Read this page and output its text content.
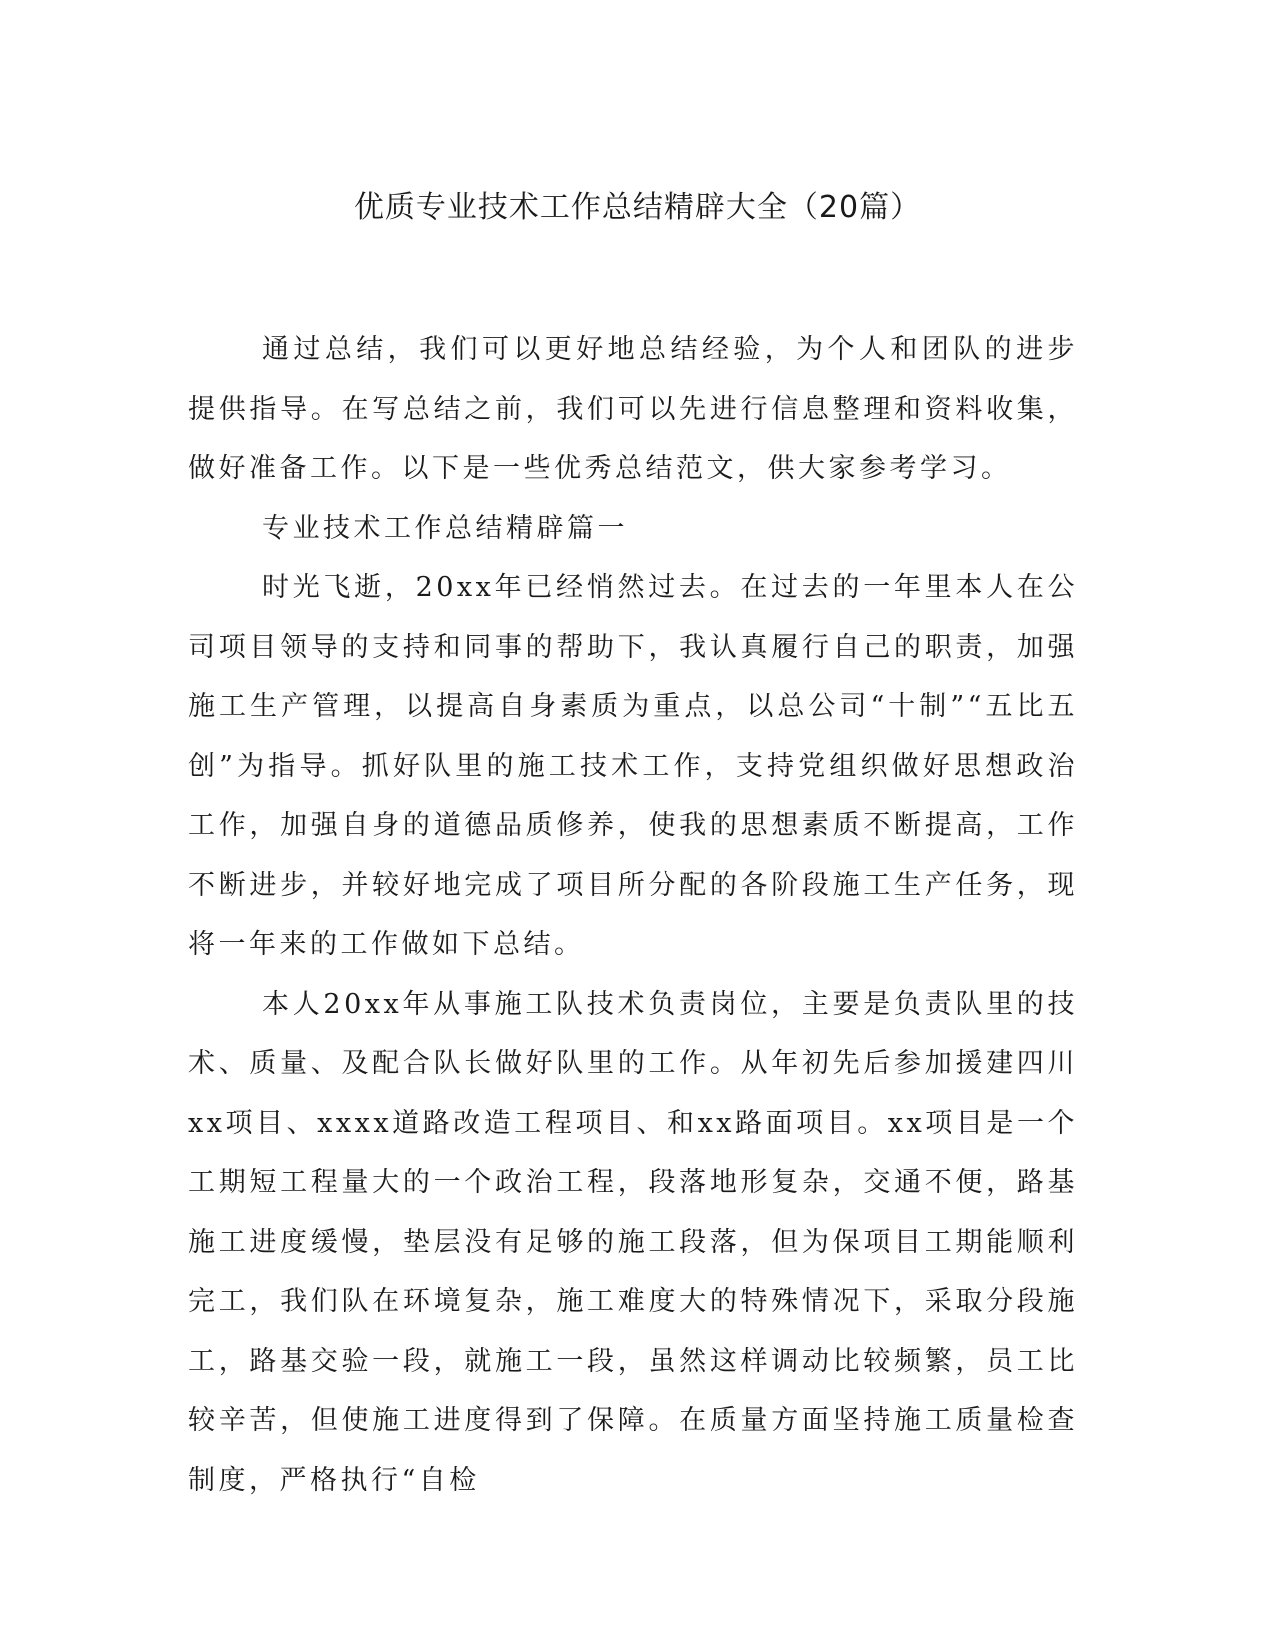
优质专业技术工作总结精辟大全（20篇）

通过总结，我们可以更好地总结经验，为个人和团队的进步提供指导。在写总结之前，我们可以先进行信息整理和资料收集，做好准备工作。以下是一些优秀总结范文，供大家参考学习。

专业技术工作总结精辟篇一

时光飞逝，20xx年已经悄然过去。在过去的一年里本人在公司项目领导的支持和同事的帮助下，我认真履行自己的职责，加强施工生产管理，以提高自身素质为重点，以总公司“十制”“五比五创”为指导。抓好队里的施工技术工作，支持党组织做好思想政治工作，加强自身的道德品质修养，使我的思想素质不断提高，工作不断进步，并较好地完成了项目所分配的各阶段施工生产任务，现将一年来的工作做如下总结。

本人20xx年从事施工队技术负责岗位，主要是负责队里的技术、质量、及配合队长做好队里的工作。从年初先后参加援建四川xx项目、xxxx道路改造工程项目、和xx路面项目。xx项目是一个工期短工程量大的一个政治工程，段落地形复杂，交通不便，路基施工进度缓慢，垫层没有足够的施工段落，但为保项目工期能顺利完工，我们队在环境复杂，施工难度大的特殊情况下，采取分段施工，路基交验一段，就施工一段，虽然这样调动比较频繁，员工比较辛苦，但使施工进度得到了保障。在质量方面坚持施工质量检查制度，严格执行“自检
